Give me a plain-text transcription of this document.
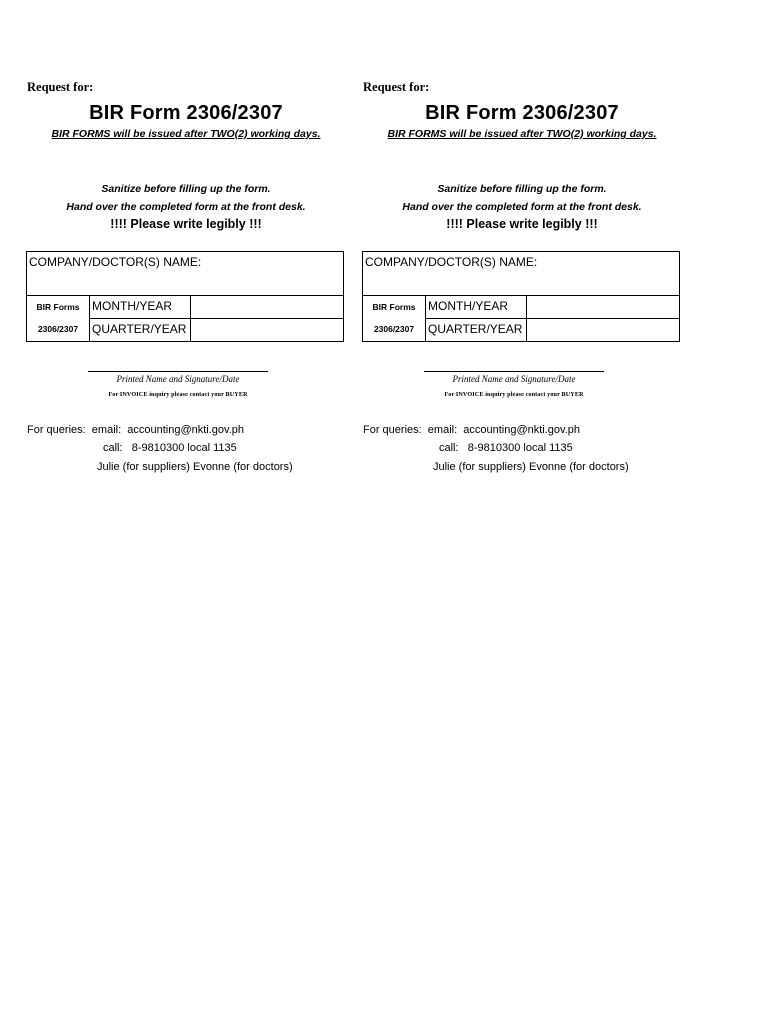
Request for:
BIR Form 2306/2307
BIR FORMS will be issued after TWO(2) working days.
Sanitize before filling up the form.
Hand over the completed form at the front desk.
!!!! Please write legibly !!!
COMPANY/DOCTOR(S) NAME:
BIR Forms
2306/2307
MONTH/YEAR
QUARTER/YEAR
Printed Name and Signature/Date
For INVOICE inquiry please contact your BUYER
For queries:  email:  accounting@nkti.gov.ph
call:   8-9810300 local 1135
Julie (for suppliers) Evonne (for doctors)
Request for:
BIR Form 2306/2307
BIR FORMS will be issued after TWO(2) working days.
Sanitize before filling up the form.
Hand over the completed form at the front desk.
!!!! Please write legibly !!!
COMPANY/DOCTOR(S) NAME:
BIR Forms
2306/2307
MONTH/YEAR
QUARTER/YEAR
Printed Name and Signature/Date
For INVOICE inquiry please contact your BUYER
For queries:  email:  accounting@nkti.gov.ph
call:   8-9810300 local 1135
Julie (for suppliers) Evonne (for doctors)
